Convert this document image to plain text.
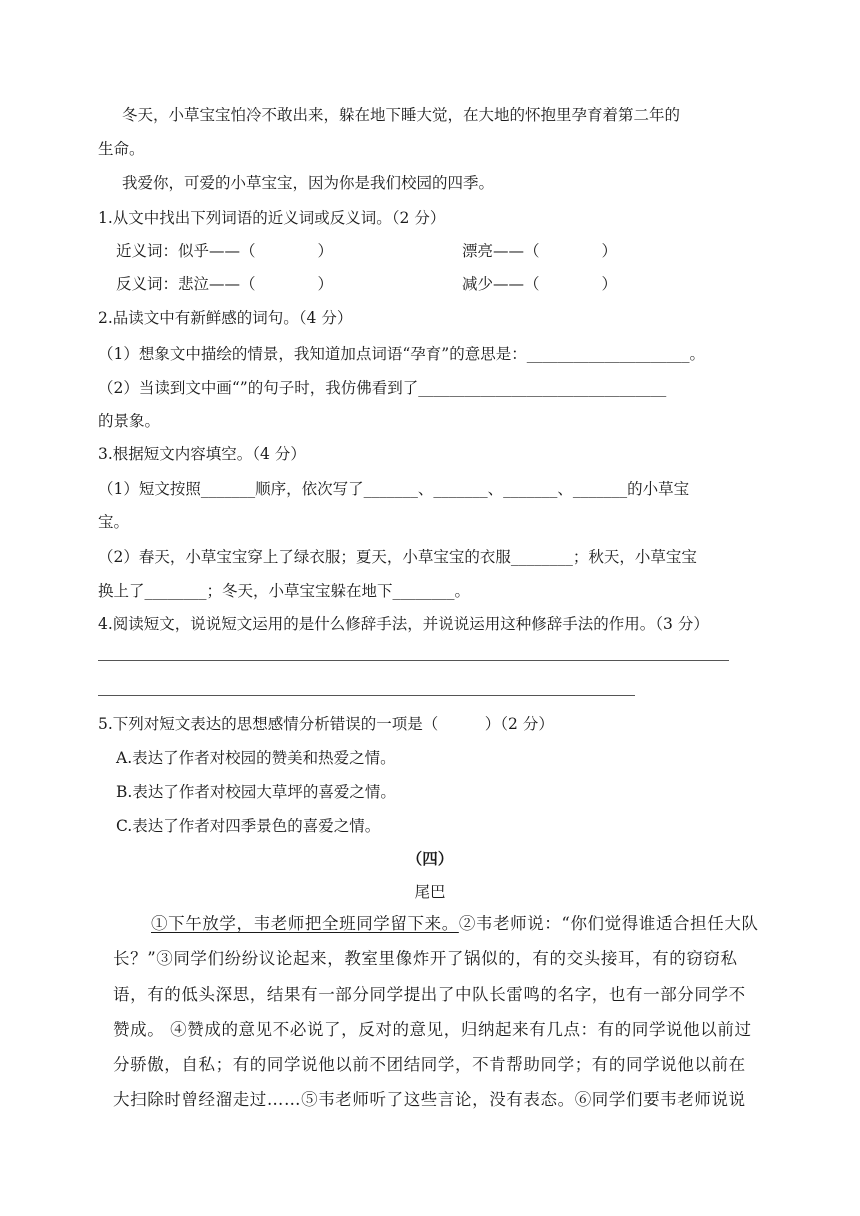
冬天，小草宝宝怕冷不敢出来，躲在地下睡大觉，在大地的怀抱里孕育着第二年的
生命。
我爱你，可爱的小草宝宝，因为你是我们校园的四季。
1.从文中找出下列词语的近义词或反义词。（2 分）
近义词：似乎——（　　　　）	漂亮——（　　　　）
反义词：悲泣——（　　　　）	减少——（　　　　）
2.品读文中有新鲜感的词句。（4 分）
（1）想象文中描绘的情景，我知道加点词语“孕育”的意思是：_____________________。
（2）当读到文中画“”的句子时，我仿佛看到了________________________________
的景象。
3.根据短文内容填空。（4 分）
（1）短文按照_______顺序，依次写了_______、_______、_______、_______的小草宝
宝。
（2）春天，小草宝宝穿上了绿衣服；夏天，小草宝宝的衣服________；秋天，小草宝宝
换上了________；冬天，小草宝宝躲在地下________。
4.阅读短文，说说短文运用的是什么修辞手法，并说说运用这种修辞手法的作用。（3 分）
5.下列对短文表达的思想感情分析错误的一项是（　　　）（2 分）
A.表达了作者对校园的赞美和热爱之情。
B.表达了作者对校园大草坪的喜爱之情。
C.表达了作者对四季景色的喜爱之情。
（四）
尾巴
①下午放学，韦老师把全班同学留下来。②韦老师说：“你们觉得谁适合担任大队
长？”③同学们纷纷议论起来，教室里像炸开了锅似的，有的交头接耳，有的窃窃私
语，有的低头深思，结果有一部分同学提出了中队长雷鸣的名字，也有一部分同学不
赞成。 ④赞成的意见不必说了，反对的意见，归纳起来有几点：有的同学说他以前过
分骄傲，自私；有的同学说他以前不团结同学，不肯帮助同学；有的同学说他以前在
大扫除时曾经溜走过……⑤韦老师听了这些言论，没有表态。⑥同学们要韦老师说说
